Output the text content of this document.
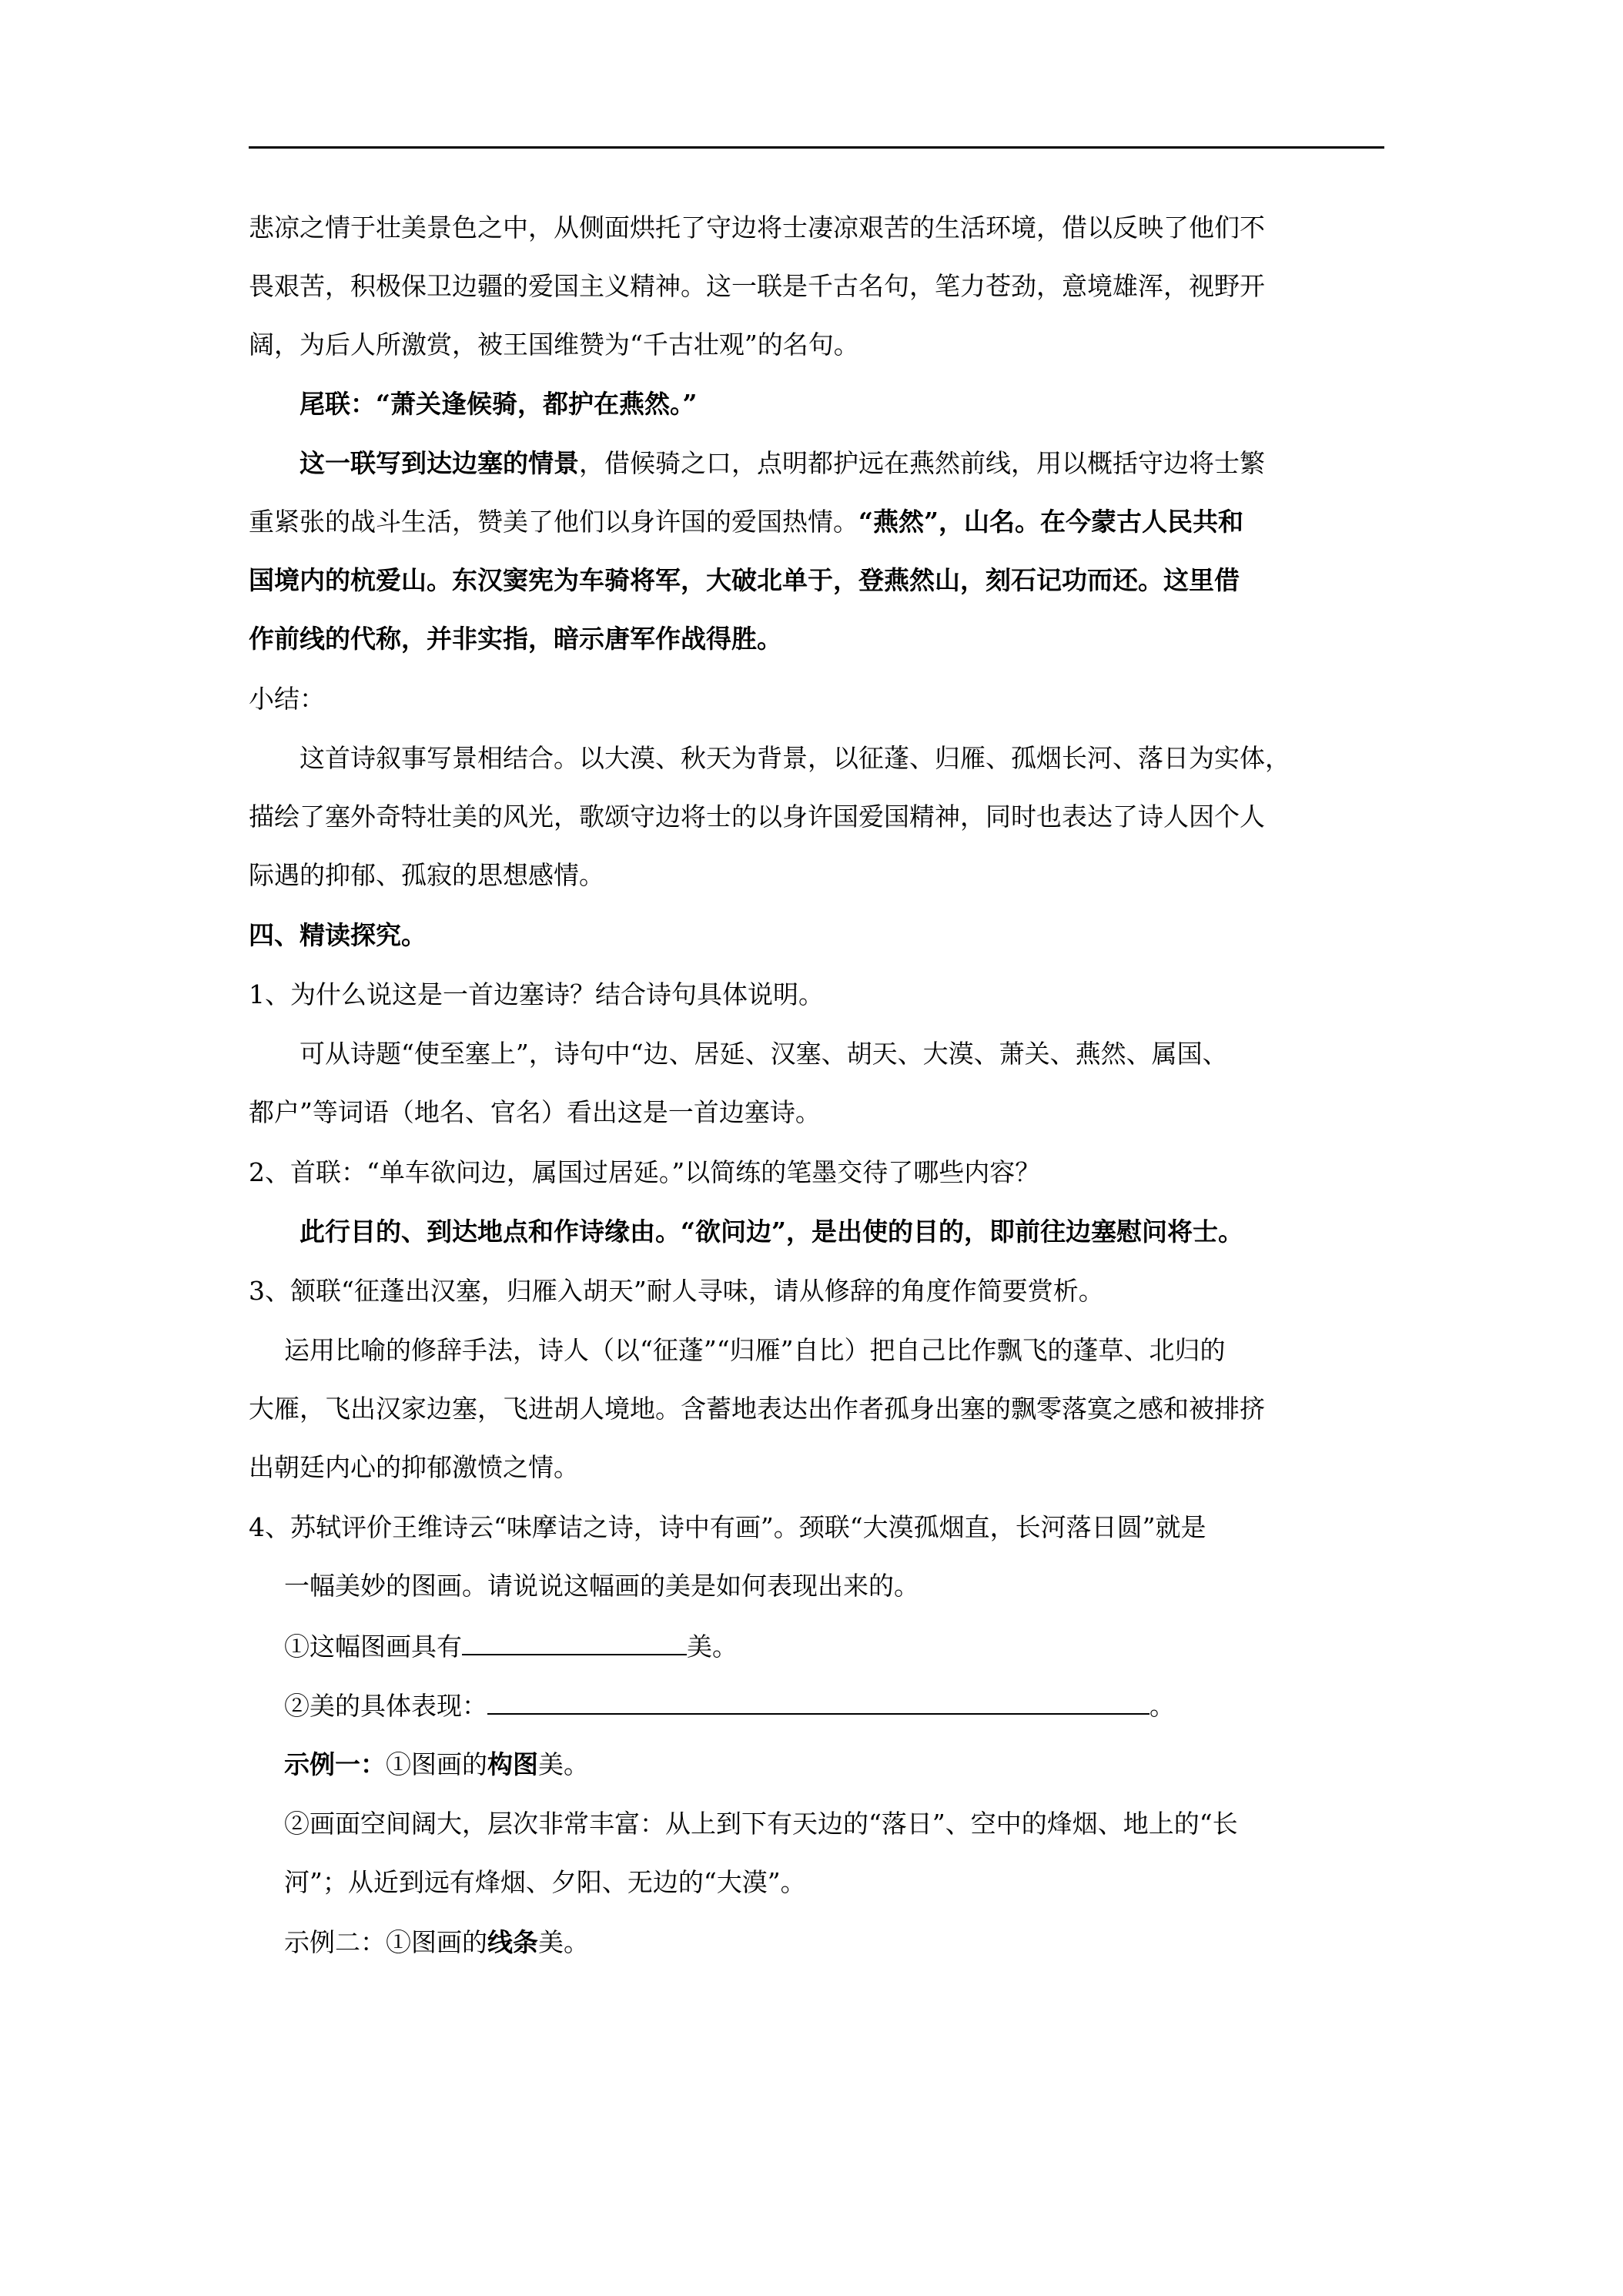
悲凉之情于壮美景色之中，从侧面烘托了守边将士凄凉艰苦的生活环境，借以反映了他们不
畏艰苦，积极保卫边疆的爱国主义精神。这一联是千古名句，笔力苍劲，意境雄浑，视野开
阔，为后人所激赏，被王国维赞为“千古壮观”的名句。
尾联：“萧关逢候骑，都护在燕然。”
这一联写到达边塞的情景，借候骑之口，点明都护远在燕然前线，用以概括守边将士繁
重紧张的战斗生活，赞美了他们以身许国的爱国热情。“燕然”，山名。在今蒙古人民共和
国境内的杭爱山。东汉窦宪为车骑将军，大破北单于，登燕然山，刻石记功而还。这里借
作前线的代称，并非实指，暗示唐军作战得胜。
小结：
这首诗叙事写景相结合。以大漠、秋天为背景，以征蓬、归雁、孤烟长河、落日为实体，
描绘了塞外奇特壮美的风光，歌颂守边将士的以身许国爱国精神，同时也表达了诗人因个人
际遇的抑郁、孤寂的思想感情。
四、精读探究。
1、为什么说这是一首边塞诗？结合诗句具体说明。
可从诗题“使至塞上”，诗句中“边、居延、汉塞、胡天、大漠、萧关、燕然、属国、
都户”等词语（地名、官名）看出这是一首边塞诗。
2、首联：“单车欲问边，属国过居延。”以简练的笔墨交待了哪些内容？
此行目的、到达地点和作诗缘由。“欲问边”，是出使的目的，即前往边塞慰问将士。
3、颔联“征蓬出汉塞，归雁入胡天”耐人寻味，请从修辞的角度作简要赏析。
运用比喻的修辞手法，诗人（以“征蓬”“归雁”自比）把自己比作飘飞的蓬草、北归的
大雁，飞出汉家边塞，飞进胡人境地。含蓄地表达出作者孤身出塞的飘零落寞之感和被排挤
出朝廷内心的抑郁激愤之情。
4、苏轼评价王维诗云“味摩诘之诗，诗中有画”。颈联“大漠孤烟直，长河落日圆”就是
一幅美妙的图画。请说说这幅画的美是如何表现出来的。
①这幅图画具有	美。
②美的具体表现：	。
示例一：①图画的构图美。
②画面空间阔大，层次非常丰富：从上到下有天边的“落日”、空中的烽烟、地上的“长
河”；从近到远有烽烟、夕阳、无边的“大漠”。
示例二：①图画的线条美。
